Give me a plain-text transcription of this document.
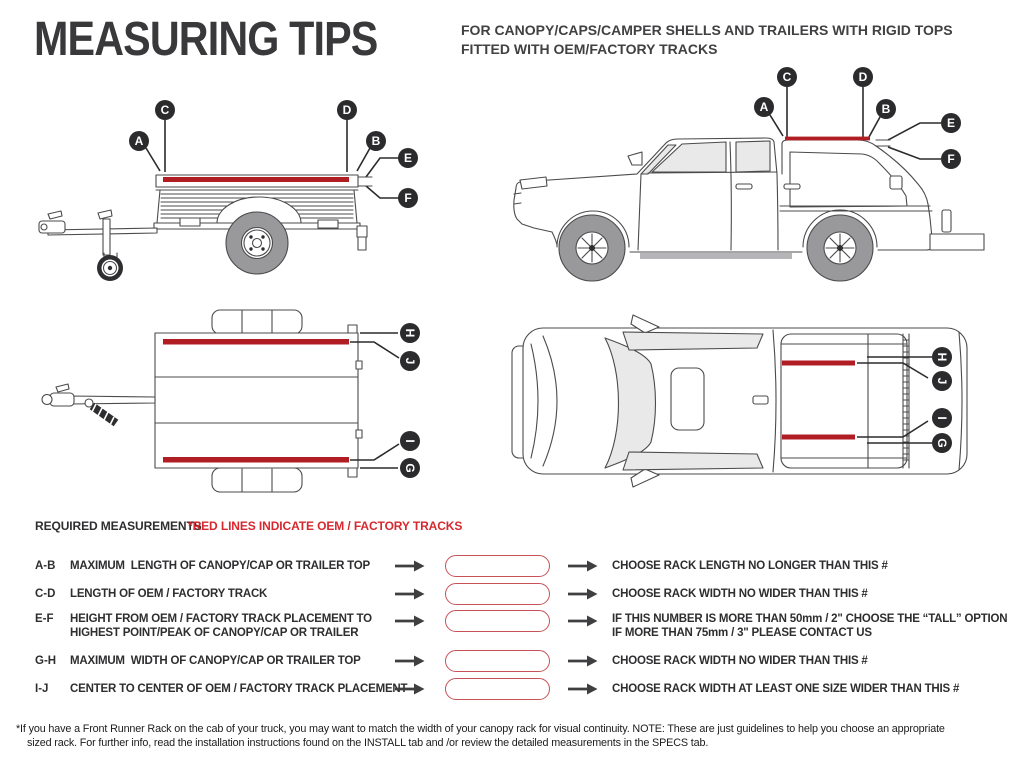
MEASURING TIPS	FOR CANOPY/CAPS/CAMPER SHELLS AND TRAILERS WITH RIGID TOPS
FITTED WITH OEM/FACTORY TRACKS
A
C	D
B
E
F
C	D
A	B
E
F
H
J
I
G
H
J
I
G
REQUIRED MEASUREMENTS
*RED LINES INDICATE OEM / FACTORY TRACKS
A-B MAXIMUM  LENGTH OF CANOPY/CAP OR TRAILER TOP	CHOOSE RACK LENGTH NO LONGER THAN THIS #
C-D LENGTH OF OEM / FACTORY TRACK	CHOOSE RACK WIDTH NO WIDER THAN THIS #
E-F HEIGHT FROM OEM / FACTORY TRACK PLACEMENT TO
HIGHEST POINT/PEAK OF CANOPY/CAP OR TRAILER
IF THIS NUMBER IS MORE THAN 50mm / 2" CHOOSE THE “TALL” OPTION
IF MORE THAN 75mm / 3" PLEASE CONTACT US
G-H MAXIMUM  WIDTH OF CANOPY/CAP OR TRAILER TOP	CHOOSE RACK WIDTH NO WIDER THAN THIS #
I-J CENTER TO CENTER OF OEM / FACTORY TRACK PLACEMENT	CHOOSE RACK WIDTH AT LEAST ONE SIZE WIDER THAN THIS #
*If you have a Front Runner Rack on the cab of your truck, you may want to match the width of your canopy rack for visual continuity. NOTE: These are just guidelines to help you choose an appropriate
sized rack. For further info, read the installation instructions found on the INSTALL tab and /or review the detailed measurements in the SPECS tab.
